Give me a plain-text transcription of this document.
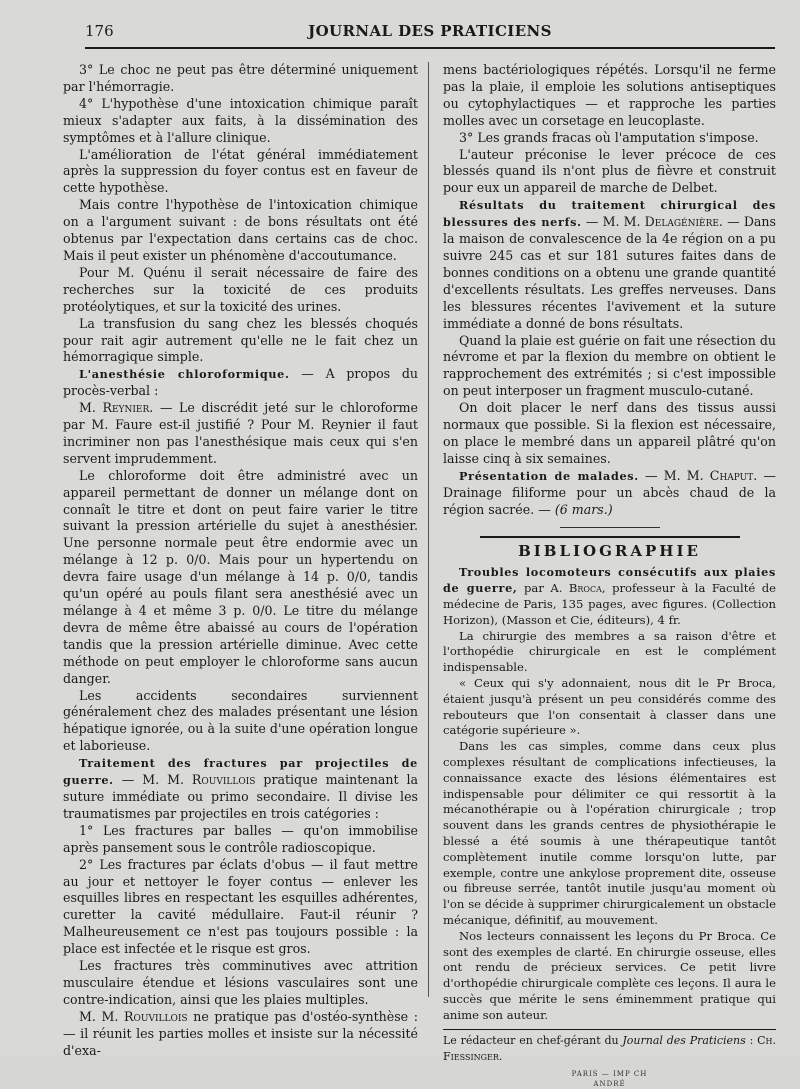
176	JOURNAL DES PRATICIENS

3° Le choc ne peut pas être déterminé uniquement par l'hémorragie.

4° L'hypothèse d'une intoxication chimique paraît mieux s'adapter aux faits, à la dissémination des symptômes et à l'allure clinique.

L'amélioration de l'état général immédiatement après la suppression du foyer contus est en faveur de cette hypothèse.

Mais contre l'hypothèse de l'intoxication chimique on a l'argument suivant : de bons résultats ont été obtenus par l'expectation dans certains cas de choc. Mais il peut exister un phénomène d'accoutumance.

Pour M. Quénu il serait nécessaire de faire des recherches sur la toxicité de ces produits protéolytiques, et sur la toxicité des urines.

La transfusion du sang chez les blessés choqués pour rait agir autrement qu'elle ne le fait chez un hémorragique simple.

L'anesthésie chloroformique. — A propos du procès-verbal :

M. Reynier. — Le discrédit jeté sur le chloroforme par M. Faure est-il justifié ? Pour M. Reynier il faut incriminer non pas l'anesthésique mais ceux qui s'en servent imprudemment.

Le chloroforme doit être administré avec un appareil permettant de donner un mélange dont on connaît le titre et dont on peut faire varier le titre suivant la pression artérielle du sujet à anesthésier. Une personne normale peut être endormie avec un mélange à 12 p. 0/0. Mais pour un hypertendu on devra faire usage d'un mélange à 14 p. 0/0, tandis qu'un opéré au pouls filant sera anesthésié avec un mélange à 4 et même 3 p. 0/0. Le titre du mélange devra de même être abaissé au cours de l'opération tandis que la pression artérielle diminue. Avec cette méthode on peut employer le chloroforme sans aucun danger.

Les accidents secondaires surviennent généralement chez des malades présentant une lésion hépatique ignorée, ou à la suite d'une opération longue et laborieuse.

Traitement des fractures par projectiles de guerre. — M. M. Rouvillois pratique maintenant la suture immédiate ou primo secondaire. Il divise les traumatismes par projectiles en trois catégories :

1° Les fractures par balles — qu'on immobilise après pansement sous le contrôle radioscopique.

2° Les fractures par éclats d'obus — il faut mettre au jour et nettoyer le foyer contus — enlever les esquilles libres en respectant les esquilles adhérentes, curetter la cavité médullaire. Faut-il réunir ? Malheureusement ce n'est pas toujours possible : la place est infectée et le risque est gros.

Les fractures très comminutives avec attrition musculaire étendue et lésions vasculaires sont une contre-indication, ainsi que les plaies multiples.

M. M. Rouvillois ne pratique pas d'ostéo-synthèse : — il réunit les parties molles et insiste sur la nécessité d'exa-

mens bactériologiques répétés. Lorsqu'il ne ferme pas la plaie, il emploie les solutions antiseptiques ou cytophylactiques — et rapproche les parties molles avec un corsetage en leucoplaste.

3° Les grands fracas où l'amputation s'impose.

L'auteur préconise le lever précoce de ces blessés quand ils n'ont plus de fièvre et construit pour eux un appareil de marche de Delbet.

Résultats du traitement chirurgical des blessures des nerfs. — M. M. Delagénière. — Dans la maison de convalescence de la 4e région on a pu suivre 245 cas et sur 181 sutures faites dans de bonnes conditions on a obtenu une grande quantité d'excellents résultats. Les greffes nerveuses. Dans les blessures récentes l'avivement et la suture immédiate a donné de bons résultats.

Quand la plaie est guérie on fait une résection du névrome et par la flexion du membre on obtient le rapprochement des extrémités ; si c'est impossible on peut interposer un fragment musculo-cutané.

On doit placer le nerf dans des tissus aussi normaux que possible. Si la flexion est nécessaire, on place le membré dans un appareil plâtré qu'on laisse cinq à six semaines.

Présentation de malades. — M. M. Chaput. — Drainage filiforme pour un abcès chaud de la région sacrée. — (6 mars.)

BIBLIOGRAPHIE

Troubles locomoteurs consécutifs aux plaies de guerre, par A. Broca, professeur à la Faculté de médecine de Paris, 135 pages, avec figures. (Collection Horizon), (Masson et Cie, éditeurs), 4 fr.

La chirurgie des membres a sa raison d'être et l'orthopédie chirurgicale en est le complément indispensable.

« Ceux qui s'y adonnaient, nous dit le Pr Broca, étaient jusqu'à présent un peu considérés comme des rebouteurs que l'on consentait à classer dans une catégorie supérieure ».

Dans les cas simples, comme dans ceux plus complexes résultant de complications infectieuses, la connaissance exacte des lésions élémentaires est indispensable pour délimiter ce qui ressortit à la mécanothérapie ou à l'opération chirurgicale ; trop souvent dans les grands centres de physiothérapie le blessé a été soumis à une thérapeutique tantôt complètement inutile comme lorsqu'on lutte, par exemple, contre une ankylose proprement dite, osseuse ou fibreuse serrée, tantôt inutile jusqu'au moment où l'on se décide à supprimer chirurgicalement un obstacle mécanique, définitif, au mouvement.

Nos lecteurs connaissent les leçons du Pr Broca. Ce sont des exemples de clarté. En chirurgie osseuse, elles ont rendu de précieux services. Ce petit livre d'orthopédie chirurgicale complète ces leçons. Il aura le succès que mérite le sens éminemment pratique qui anime son auteur.

Le rédacteur en chef-gérant du Journal des Praticiens : Ch. Fiessinger.

PARIS — IMP CH
ANDRÉ
